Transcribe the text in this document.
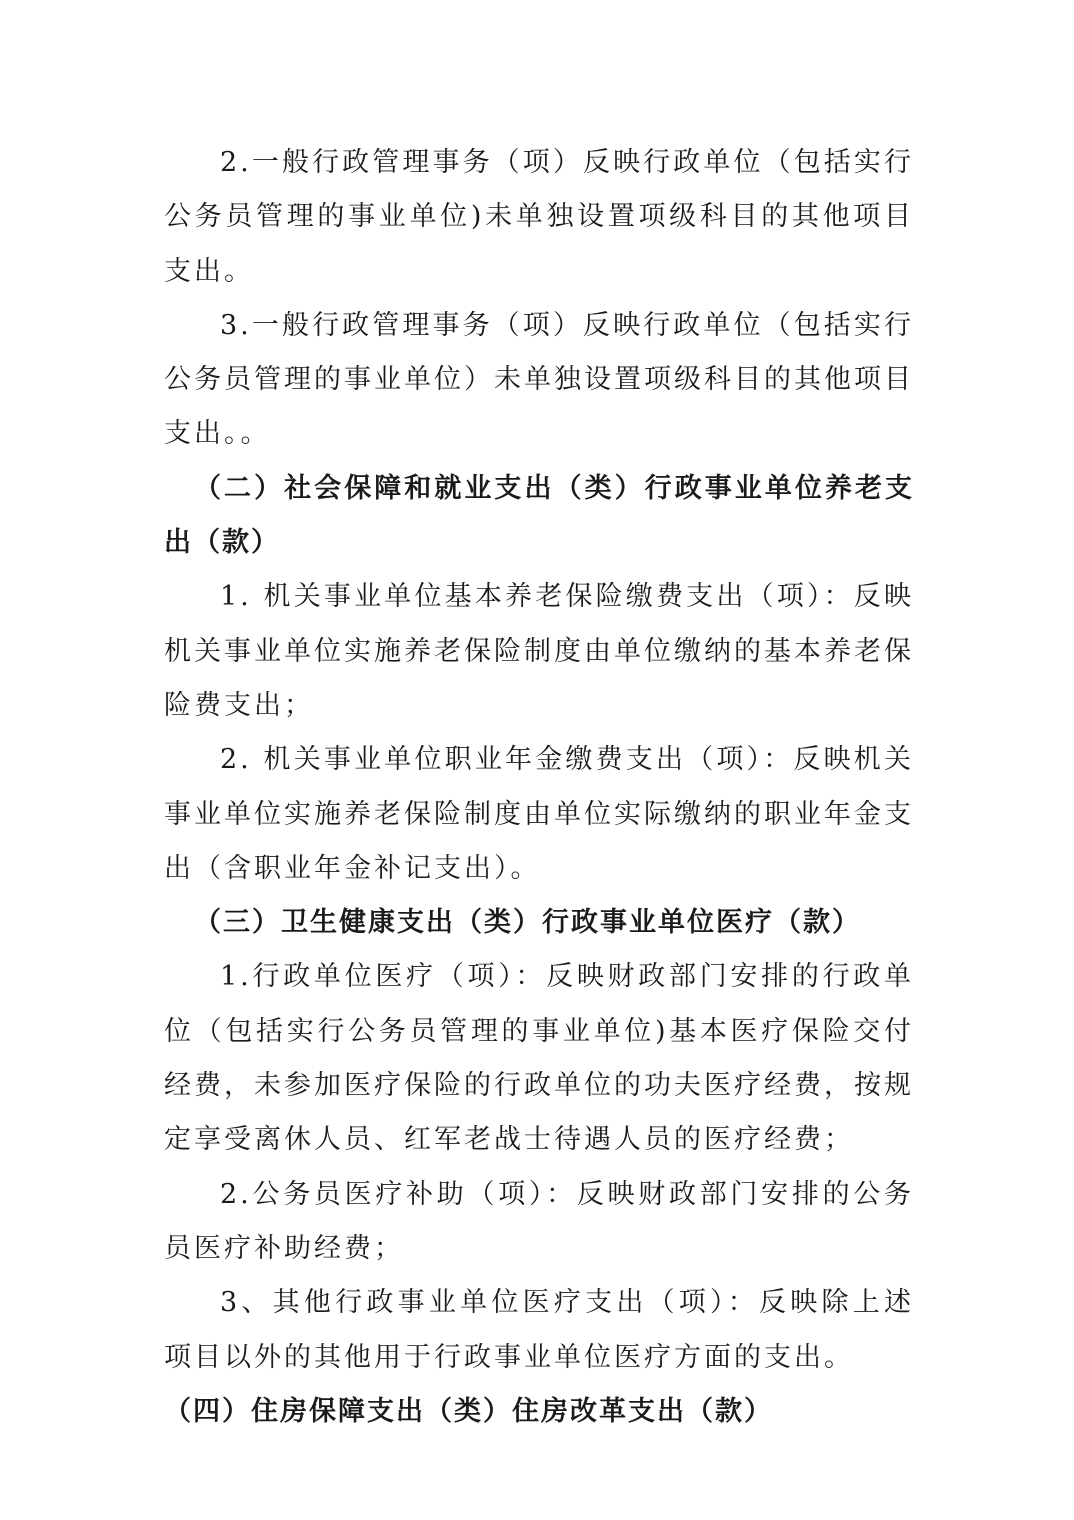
2.一般行政管理事务（项）反映行政单位（包括实行公务员管理的事业单位)未单独设置项级科目的其他项目支出。

3.一般行政管理事务（项）反映行政单位（包括实行公务员管理的事业单位）未单独设置项级科目的其他项目支出。。

（二）社会保障和就业支出（类）行政事业单位养老支出（款）

1. 机关事业单位基本养老保险缴费支出（项）：反映机关事业单位实施养老保险制度由单位缴纳的基本养老保险费支出；

2. 机关事业单位职业年金缴费支出（项）：反映机关事业单位实施养老保险制度由单位实际缴纳的职业年金支出（含职业年金补记支出）。

（三）卫生健康支出（类）行政事业单位医疗（款）

1.行政单位医疗（项）：反映财政部门安排的行政单位（包括实行公务员管理的事业单位)基本医疗保险交付经费，未参加医疗保险的行政单位的功夫医疗经费，按规定享受离休人员、红军老战士待遇人员的医疗经费；

2.公务员医疗补助（项）：反映财政部门安排的公务员医疗补助经费；

3、其他行政事业单位医疗支出（项）：反映除上述项目以外的其他用于行政事业单位医疗方面的支出。

（四）住房保障支出（类）住房改革支出（款）
